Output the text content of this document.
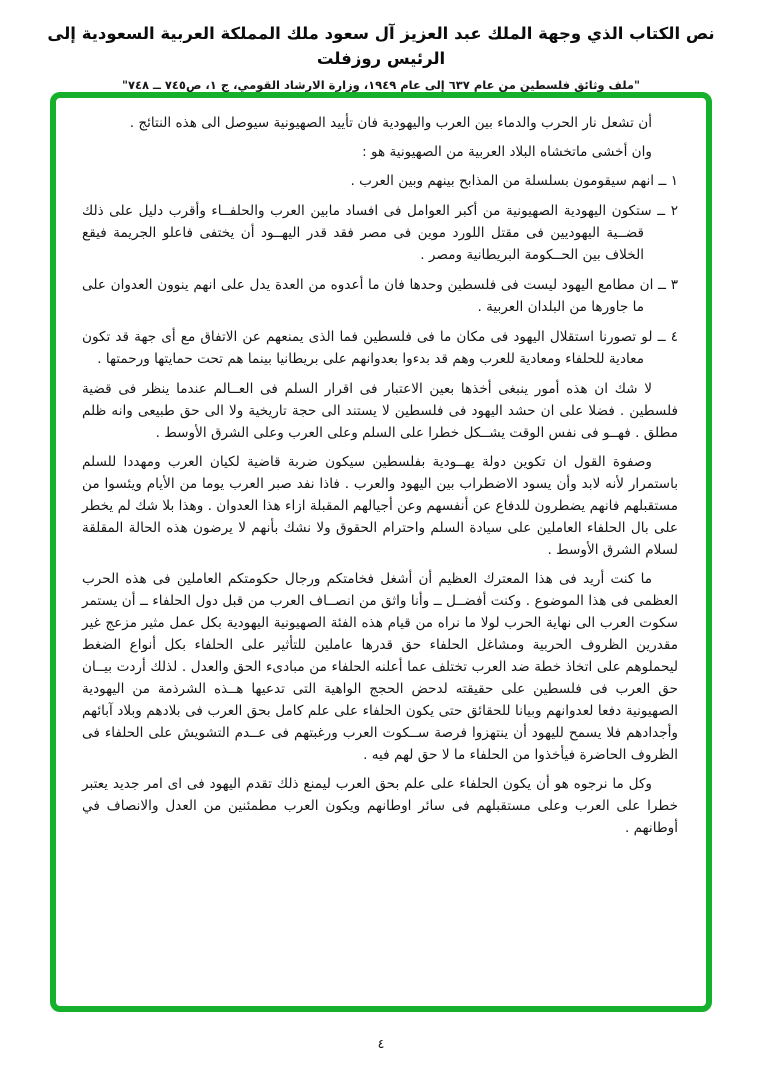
نص الكتاب الذي وجهة الملك عبد العزيز آل سعود ملك المملكة العربية السعودية إلى الرئيس روزفلت
"ملف وثائق فلسطين من عام ٦٣٧ إلى عام ١٩٤٩، وزارة الارشاد القومي، ج ١، ص٧٤٥ ــ ٧٤٨"

أن تشعل نار الحرب والدماء بين العرب واليهودية فان تأييد الصهيونية سيوصل الى هذه النتائج .

وان أخشى ماتخشاه البلاد العربية من الصهيونية هو :

١ ــ انهم سيقومون بسلسلة من المذابح بينهم وبين العرب .
٢ ــ ستكون اليهودية الصهيونية من أكبر العوامل فى افساد مابين العرب والحلفــاء وأقرب دليل على ذلك قضــية اليهوديين فى مقتل اللورد موين فى مصر فقد قدر اليهــود أن يختفى فاعلو الجريمة فيقع الخلاف بين الحــكومة البريطانية ومصر .
٣ ــ ان مطامع اليهود ليست فى فلسطين وحدها فان ما أعدوه من العدة يدل على انهم ينوون العدوان على ما جاورها من البلدان العربية .
٤ ــ لو تصورنا استقلال اليهود فى مكان ما فى فلسطين فما الذى يمنعهم عن الاتفاق مع أى جهة قد تكون معادية للحلفاء ومعادية للعرب وهم قد بدءوا بعدوانهم على بريطانيا بينما هم تحت حمايتها ورحمتها .

لا شك ان هذه أمور ينبغى أخذها بعين الاعتبار فى اقرار السلم فى العــالم عندما ينظر فى قضية فلسطين . فضلا على ان حشد اليهود فى فلسطين لا يستند الى حجة تاريخية ولا الى حق طبيعى وانه ظلم مطلق . فهــو فى نفس الوقت يشــكل خطرا على السلم وعلى العرب وعلى الشرق الأوسط .

وصفوة القول ان تكوين دولة يهــودية بفلسطين سيكون ضربة قاضية لكيان العرب ومهددا للسلم باستمرار لأنه لابد وأن يسود الاضطراب بين اليهود والعرب . فاذا نفد صبر العرب يوما من الأيام ويئسوا من مستقبلهم فانهم يضطرون للدفاع عن أنفسهم وعن أجيالهم المقبلة ازاء هذا العدوان . وهذا بلا شك لم يخطر على بال الحلفاء العاملين على سيادة السلم واحترام الحقوق ولا نشك بأنهم لا يرضون هذه الحالة المقلقة لسلام الشرق الأوسط .

ما كنت أريد فى هذا المعترك العظيم أن أشغل فخامتكم ورجال حكومتكم العاملين فى هذه الحرب العظمى فى هذا الموضوع . وكنت أفضــل ــ وأنا واثق من انصــاف العرب من قبل دول الحلفاء ــ أن يستمر سكوت العرب الى نهاية الحرب لولا ما نراه من قيام هذه الفئة الصهيونية اليهودية بكل عمل مثير مزعج غير مقدرين الظروف الحربية ومشاغل الحلفاء حق قدرها عاملين للتأثير على الحلفاء بكل أنواع الضغط ليحملوهم على اتخاذ خطة ضد العرب تختلف عما أعلنه الحلفاء من مبادىء الحق والعدل . لذلك أردت بيــان حق العرب فى فلسطين على حقيقته لدحض الحجج الواهية التى تدعيها هــذه الشرذمة من اليهودية الصهيونية دفعا لعدوانهم وبيانا للحقائق حتى يكون الحلفاء على علم كامل بحق العرب فى بلادهم وبلاد آبائهم وأجدادهم فلا يسمح لليهود أن ينتهزوا فرصة ســكوت العرب ورغبتهم فى عــدم التشويش على الحلفاء فى الظروف الحاضرة فيأخذوا من الحلفاء ما لا حق لهم فيه .

وكل ما نرجوه هو أن يكون الحلفاء على علم بحق العرب ليمنع ذلك تقدم اليهود فى اى امر جديد يعتبر خطرا على العرب وعلى مستقبلهم فى سائر اوطانهم ويكون العرب مطمئنين من العدل والانصاف في أوطانهم .

٤
